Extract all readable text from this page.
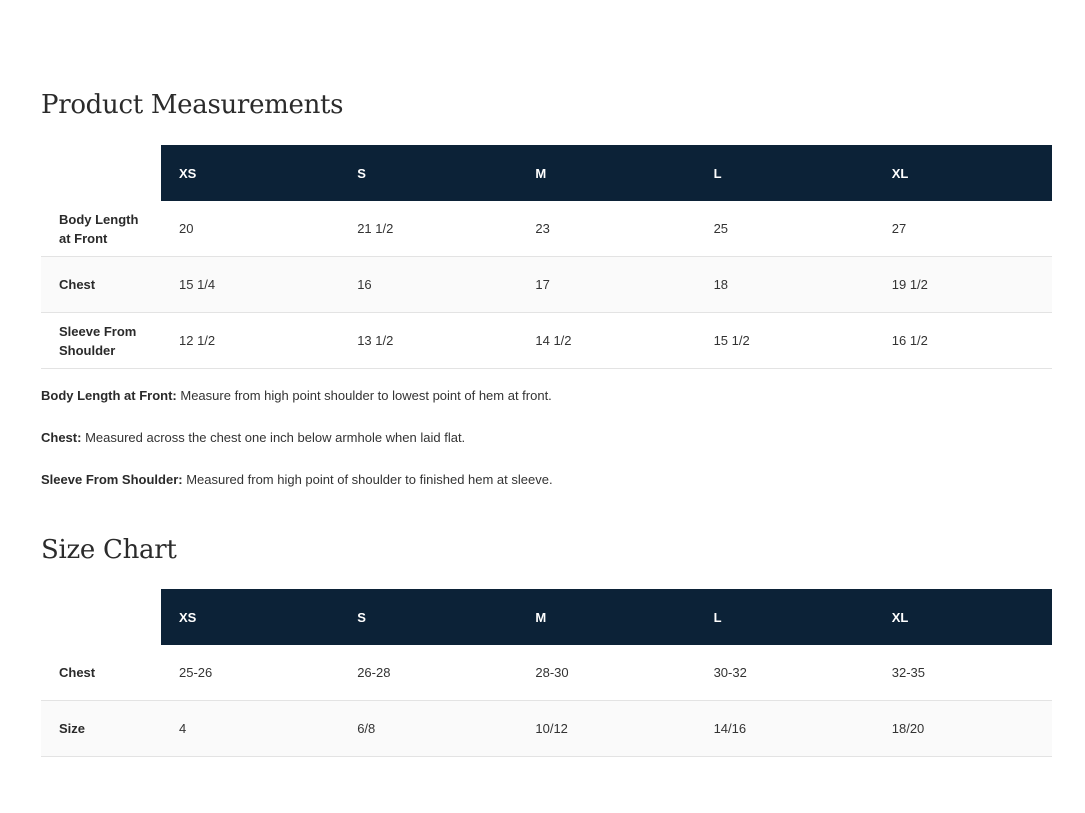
Product Measurements
	XS	S	M	L	XL
Body Length
at Front	20	21 1/2	23	25	27
Chest	15 1/4	16	17	18	19 1/2
Sleeve From
Shoulder	12 1/2	13 1/2	14 1/2	15 1/2	16 1/2

Body Length at Front: Measure from high point shoulder to lowest point of hem at front.

Chest: Measured across the chest one inch below armhole when laid flat.

Sleeve From Shoulder: Measured from high point of shoulder to finished hem at sleeve.

Size Chart
	XS	S	M	L	XL
Chest	25-26	26-28	28-30	30-32	32-35
Size	4	6/8	10/12	14/16	18/20
